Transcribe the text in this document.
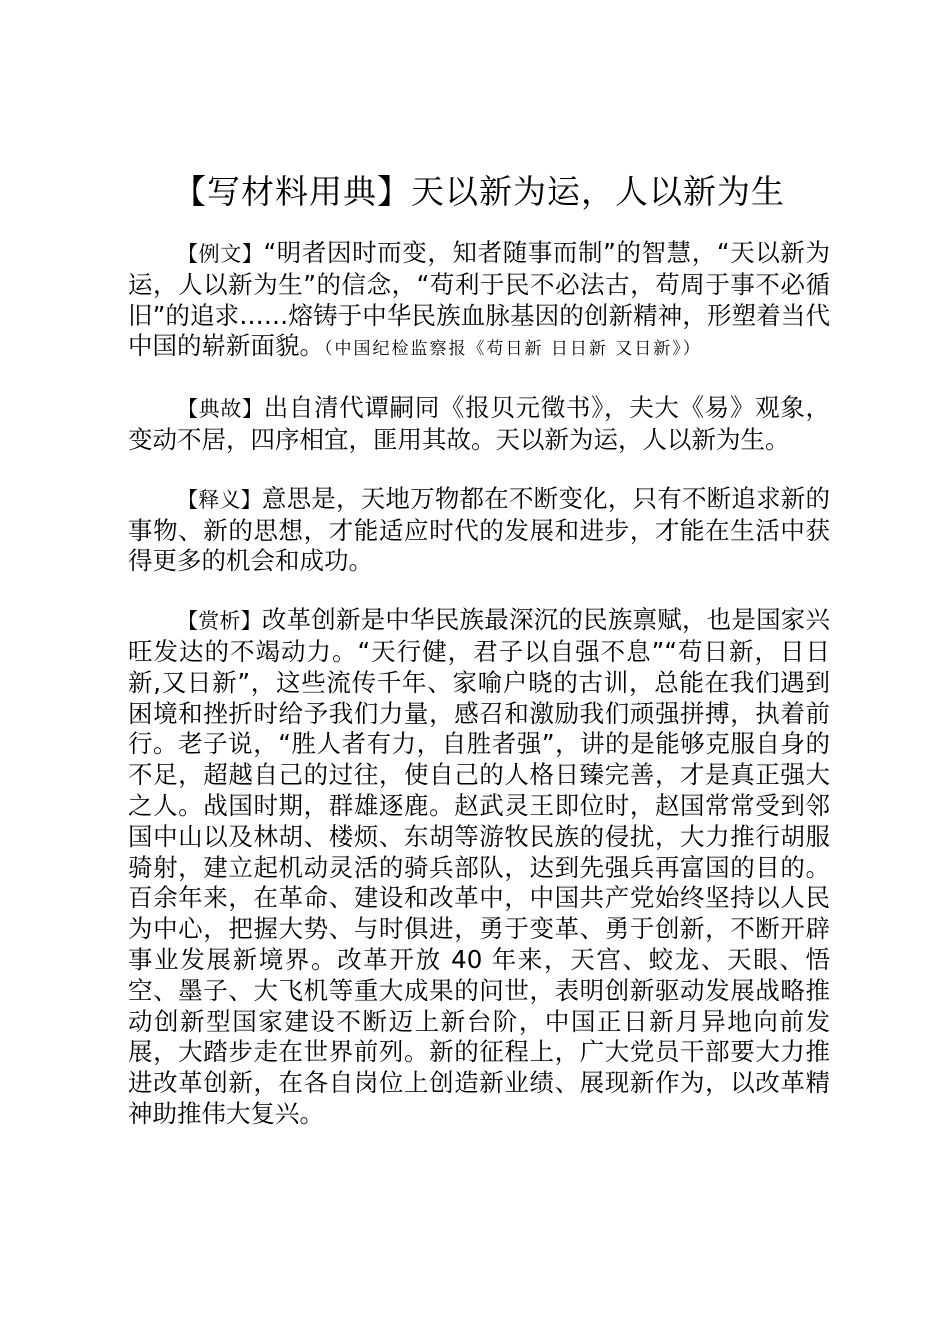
【写材料用典】天以新为运，人以新为生

【例文】“明者因时而变，知者随事而制”的智慧，“天以新为运，人以新为生”的信念，“苟利于民不必法古，苟周于事不必循旧”的追求……熔铸于中华民族血脉基因的创新精神，形塑着当代中国的崭新面貌。（中国纪检监察报《苟日新 日日新 又日新》）

【典故】出自清代谭嗣同《报贝元徵书》，夫大《易》观象，变动不居，四序相宜，匪用其故。天以新为运，人以新为生。

【释义】意思是，天地万物都在不断变化，只有不断追求新的事物、新的思想，才能适应时代的发展和进步，才能在生活中获得更多的机会和成功。

【赏析】改革创新是中华民族最深沉的民族禀赋，也是国家兴旺发达的不竭动力。“天行健，君子以自强不息”“苟日新，日日新,又日新”，这些流传千年、家喻户晓的古训，总能在我们遇到困境和挫折时给予我们力量，感召和激励我们顽强拼搏，执着前行。老子说，“胜人者有力，自胜者强”，讲的是能够克服自身的不足，超越自己的过往，使自己的人格日臻完善，才是真正强大之人。战国时期，群雄逐鹿。赵武灵王即位时，赵国常常受到邻国中山以及林胡、楼烦、东胡等游牧民族的侵扰，大力推行胡服骑射，建立起机动灵活的骑兵部队，达到先强兵再富国的目的。百余年来，在革命、建设和改革中，中国共产党始终坚持以人民为中心，把握大势、与时俱进，勇于变革、勇于创新，不断开辟事业发展新境界。改革开放 40 年来，天宫、蛟龙、天眼、悟空、墨子、大飞机等重大成果的问世，表明创新驱动发展战略推动创新型国家建设不断迈上新台阶，中国正日新月异地向前发展，大踏步走在世界前列。新的征程上，广大党员干部要大力推进改革创新，在各自岗位上创造新业绩、展现新作为，以改革精神助推伟大复兴。
